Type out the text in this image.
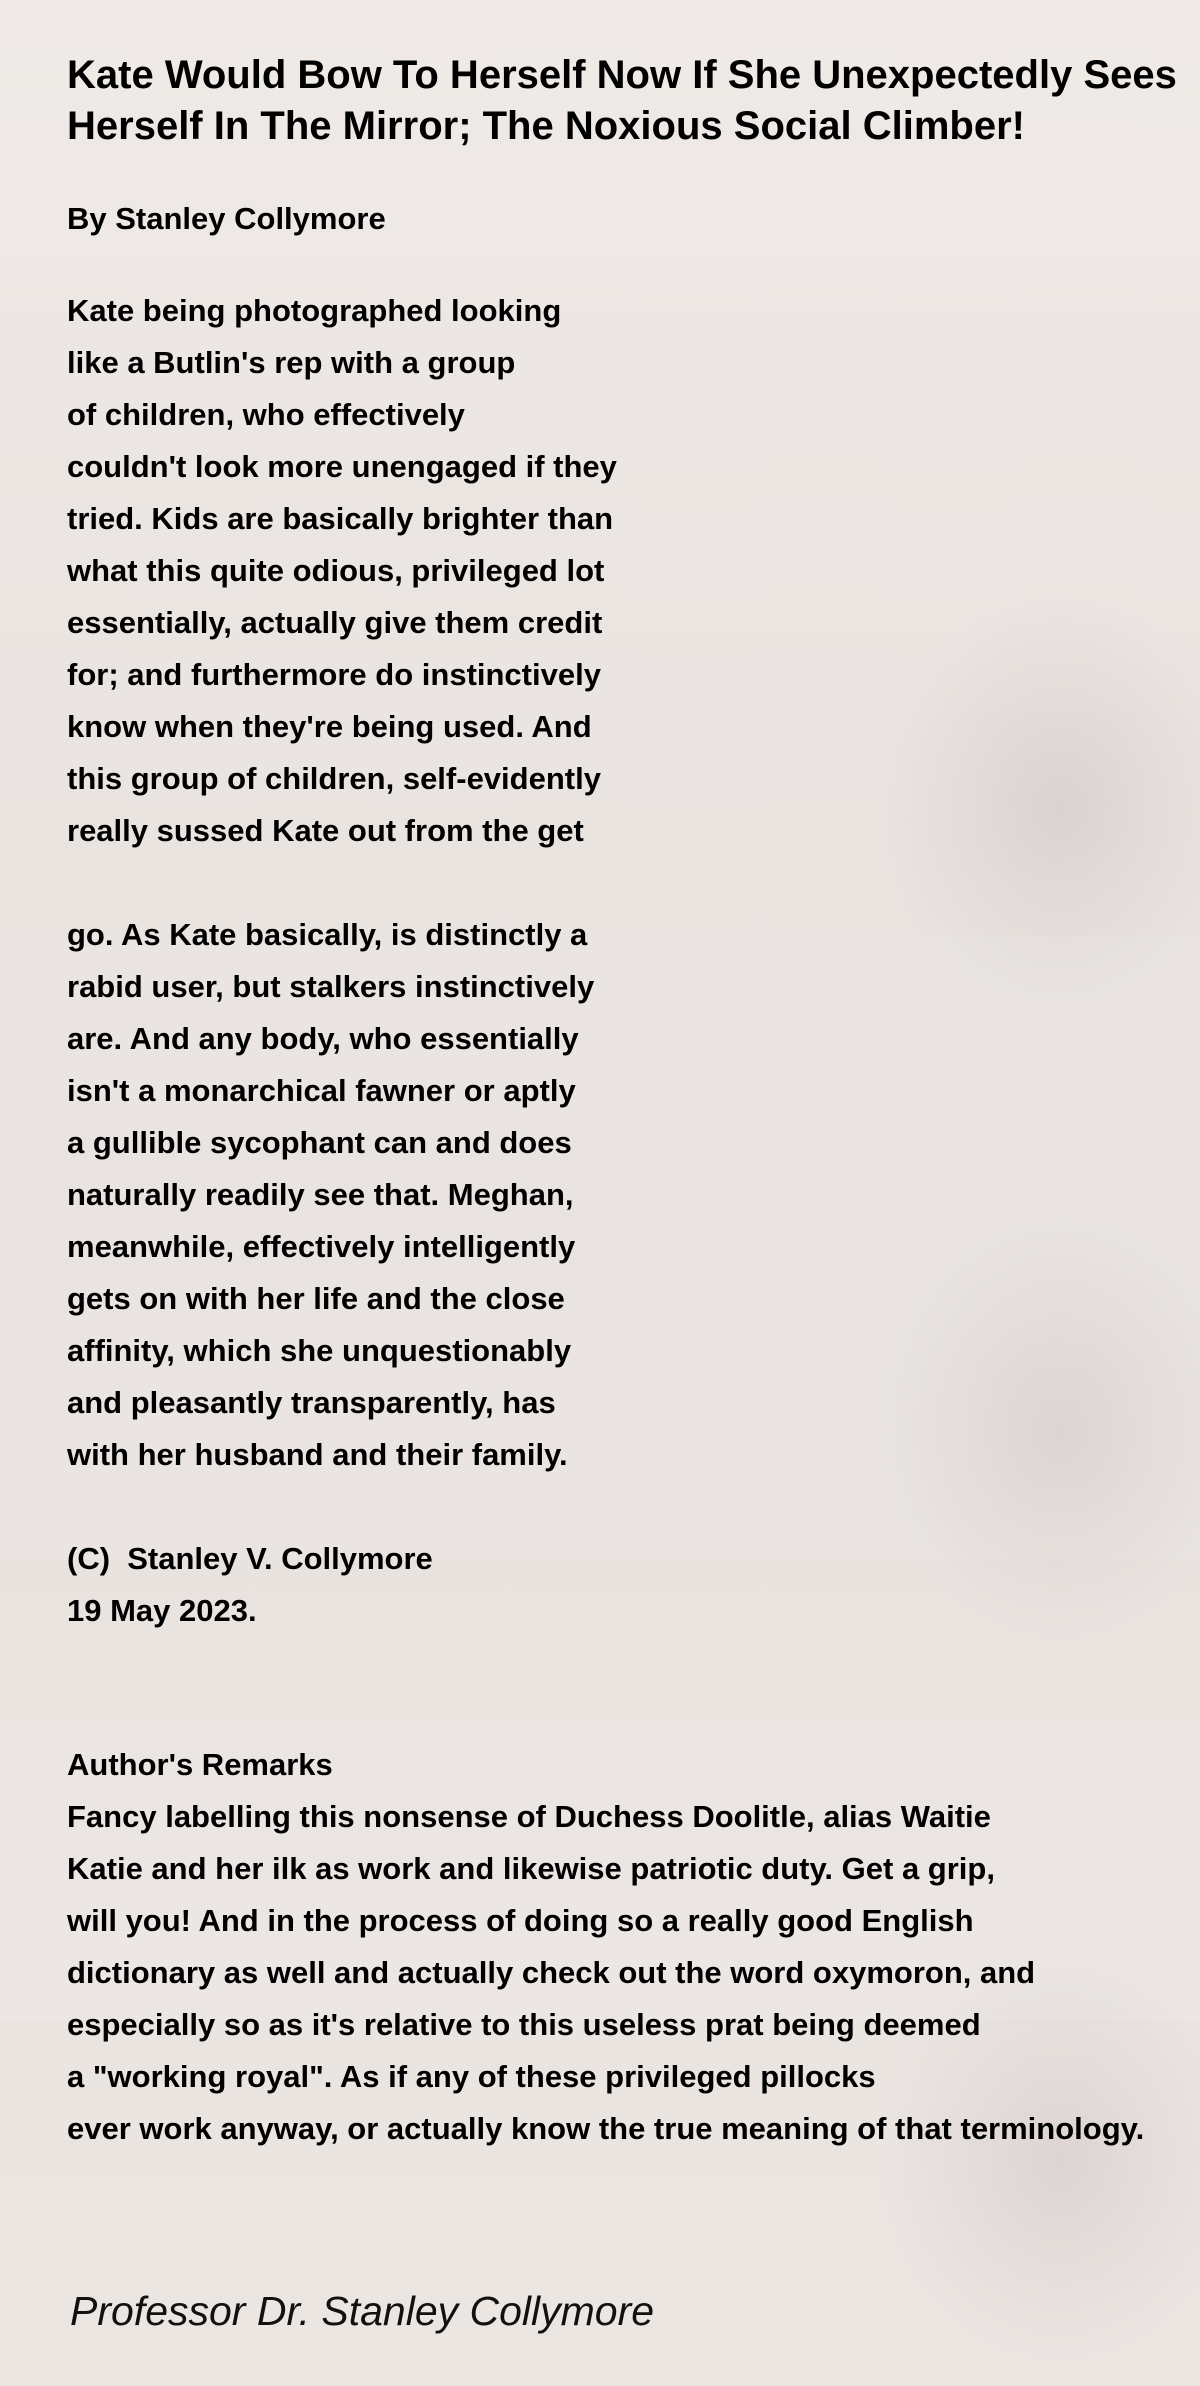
Kate Would Bow To Herself Now If She Unexpectedly Sees Herself In The Mirror; The Noxious Social Climber!
By Stanley Collymore
Kate being photographed looking
like a Butlin's rep with a group
of children, who effectively
couldn't look more unengaged if they
tried. Kids are basically brighter than
what this quite odious, privileged lot
essentially, actually give them credit
for; and furthermore do instinctively
know when they're being used. And
this group of children, self-evidently
really sussed Kate out from the get
go. As Kate basically, is distinctly a
rabid user, but stalkers instinctively
are. And any body, who essentially
isn't a monarchical fawner or aptly
a gullible sycophant can and does
naturally readily see that. Meghan,
meanwhile, effectively intelligently
gets on with her life and the close
affinity, which she unquestionably
and pleasantly transparently, has
with her husband and their family.
(C)  Stanley V. Collymore
19 May 2023.
Author's Remarks
Fancy labelling this nonsense of Duchess Doolitle, alias Waitie
Katie and her ilk as work and likewise patriotic duty. Get a grip,
will you! And in the process of doing so a really good English
dictionary as well and actually check out the word oxymoron, and
especially so as it's relative to this useless prat being deemed
a "working royal". As if any of these privileged pillocks
ever work anyway, or actually know the true meaning of that terminology.
Professor Dr. Stanley Collymore
